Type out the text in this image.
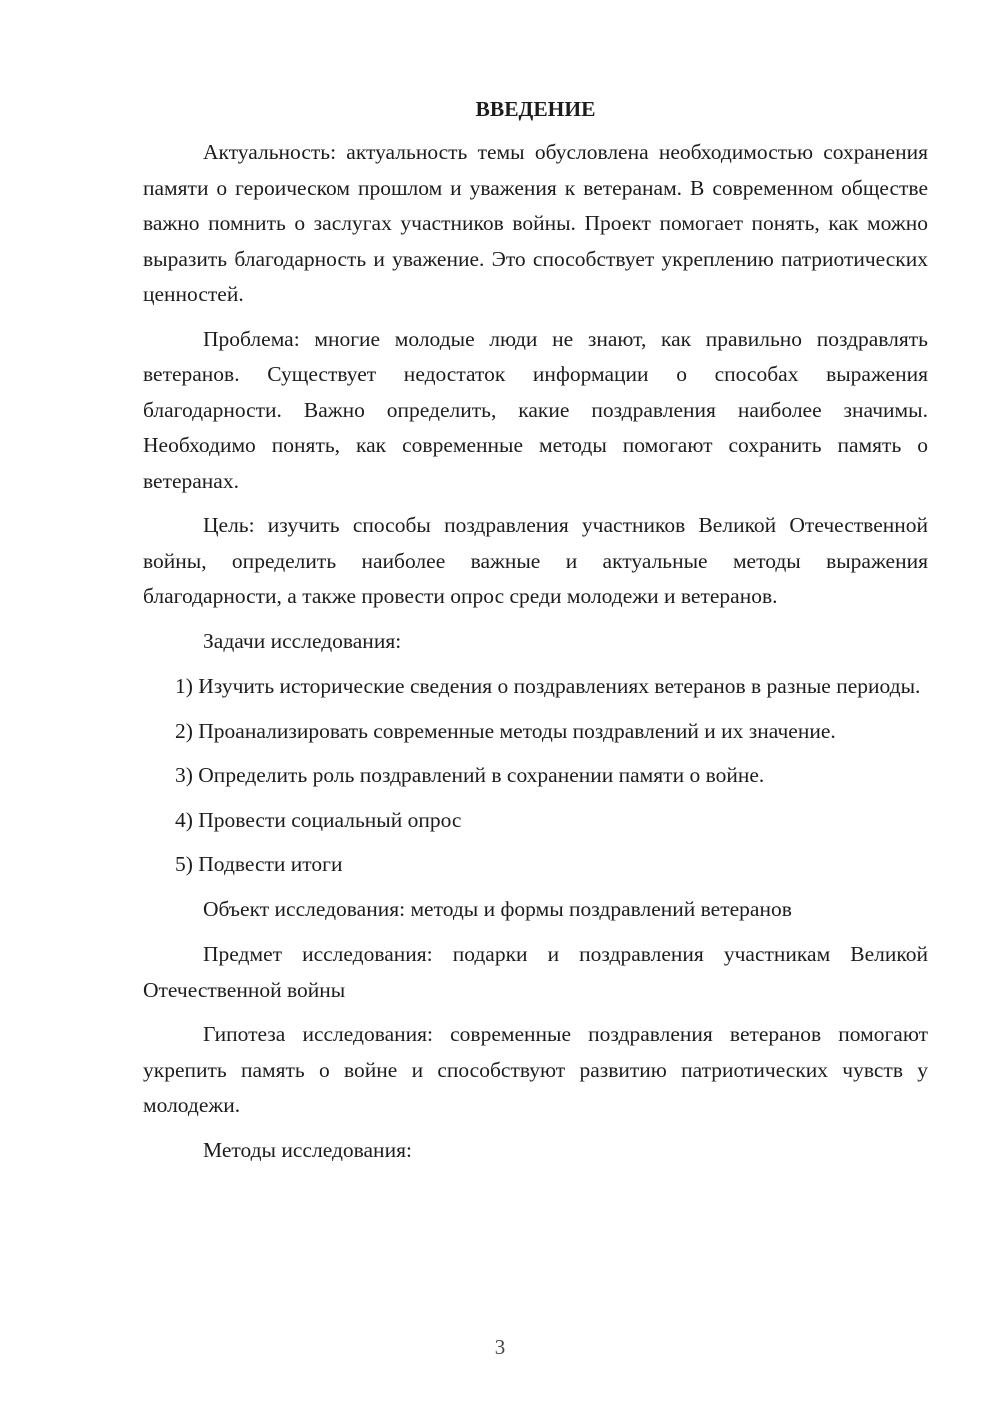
ВВЕДЕНИЕ

Актуальность: актуальность темы обусловлена необходимостью сохранения памяти о героическом прошлом и уважения к ветеранам. В современном обществе важно помнить о заслугах участников войны. Проект помогает понять, как можно выразить благодарность и уважение. Это способствует укреплению патриотических ценностей.

Проблема: многие молодые люди не знают, как правильно поздравлять ветеранов. Существует недостаток информации о способах выражения благодарности. Важно определить, какие поздравления наиболее значимы. Необходимо понять, как современные методы помогают сохранить память о ветеранах.

Цель: изучить способы поздравления участников Великой Отечественной войны, определить наиболее важные и актуальные методы выражения благодарности, а также провести опрос среди молодежи и ветеранов.

Задачи исследования:

1) Изучить исторические сведения о поздравлениях ветеранов в разные периоды.

2) Проанализировать современные методы поздравлений и их значение.

3) Определить роль поздравлений в сохранении памяти о войне.

4) Провести социальный опрос

5) Подвести итоги

Объект исследования: методы и формы поздравлений ветеранов

Предмет исследования: подарки и поздравления участникам Великой Отечественной войны

Гипотеза исследования: современные поздравления ветеранов помогают укрепить память о войне и способствуют развитию патриотических чувств у молодежи.

Методы исследования:

3
